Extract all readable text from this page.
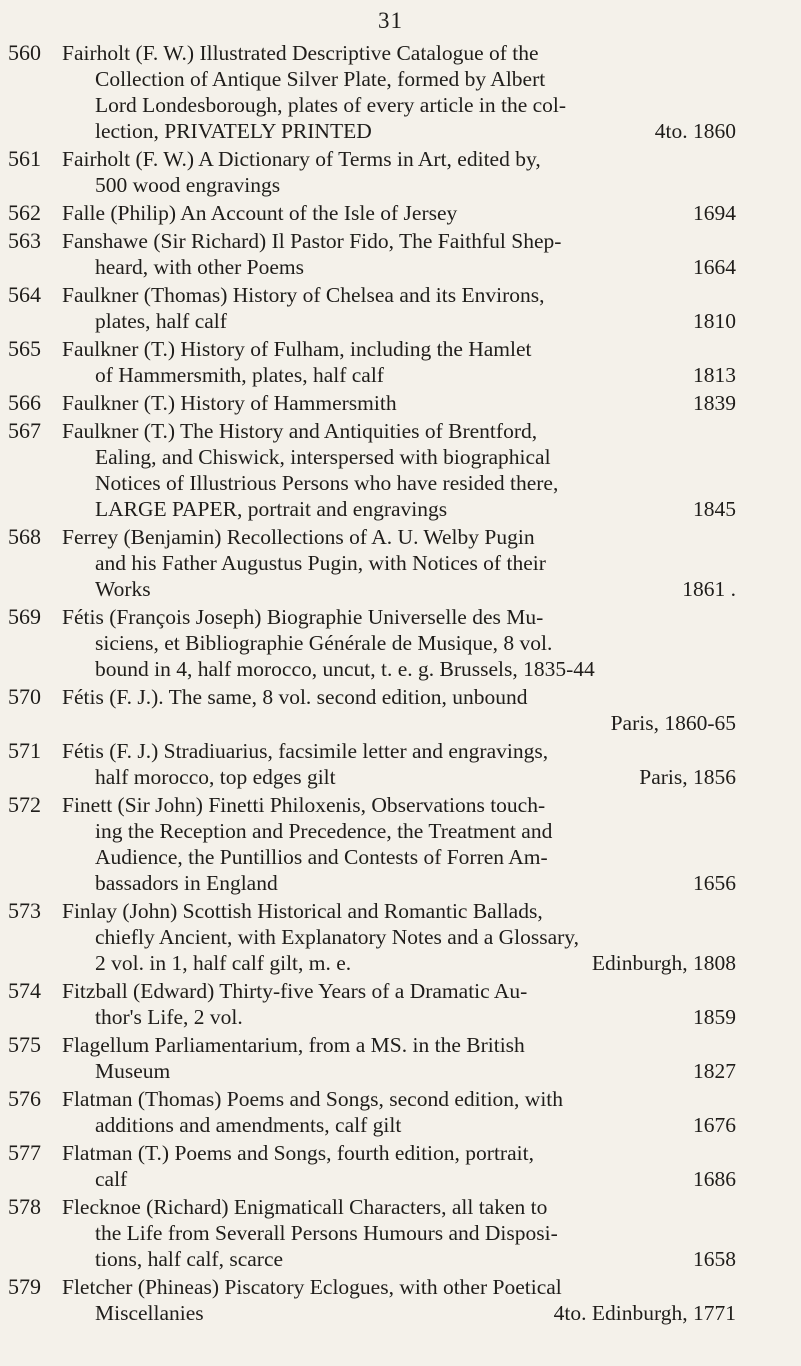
31
560 Fairholt (F. W.) Illustrated Descriptive Catalogue of the
Collection of Antique Silver Plate, formed by Albert
Lord Londesborough, plates of every article in the col-
lection, PRIVATELY PRINTED	4to. 1860
561 Fairholt (F. W.) A Dictionary of Terms in Art, edited by,
500 wood engravings
562 Falle (Philip) An Account of the Isle of Jersey	1694
563 Fanshawe (Sir Richard) Il Pastor Fido, The Faithful Shep-
heard, with other Poems	1664
564 Faulkner (Thomas) History of Chelsea and its Environs,
plates, half calf	1810
565 Faulkner (T.) History of Fulham, including the Hamlet
of Hammersmith, plates, half calf	1813
566 Faulkner (T.) History of Hammersmith	1839
567 Faulkner (T.) The History and Antiquities of Brentford,
Ealing, and Chiswick, interspersed with biographical
Notices of Illustrious Persons who have resided there,
LARGE PAPER, portrait and engravings	1845
568 Ferrey (Benjamin) Recollections of A. U. Welby Pugin
and his Father Augustus Pugin, with Notices of their
Works	1861 .
569 Fétis (François Joseph) Biographie Universelle des Mu-
siciens, et Bibliographie Générale de Musique, 8 vol.
bound in 4, half morocco, uncut, t. e. g. Brussels, 1835-44
570 Fétis (F. J.). The same, 8 vol. second edition, unbound
Paris, 1860-65
571 Fétis (F. J.) Stradiuarius, facsimile letter and engravings,
half morocco, top edges gilt	Paris, 1856
572 Finett (Sir John) Finetti Philoxenis, Observations touch-
ing the Reception and Precedence, the Treatment and
Audience, the Puntillios and Contests of Forren Am-
bassadors in England	1656
573 Finlay (John) Scottish Historical and Romantic Ballads,
chiefly Ancient, with Explanatory Notes and a Glossary,
2 vol. in 1, half calf gilt, m. e.	Edinburgh, 1808
574 Fitzball (Edward) Thirty-five Years of a Dramatic Au-
thor's Life, 2 vol.	1859
575 Flagellum Parliamentarium, from a MS. in the British
Museum	1827
576 Flatman (Thomas) Poems and Songs, second edition, with
additions and amendments, calf gilt	1676
577 Flatman (T.) Poems and Songs, fourth edition, portrait,
calf	1686
578 Flecknoe (Richard) Enigmaticall Characters, all taken to
the Life from Severall Persons Humours and Disposi-
tions, half calf, scarce	1658
579 Fletcher (Phineas) Piscatory Eclogues, with other Poetical
Miscellanies	4to. Edinburgh, 1771
